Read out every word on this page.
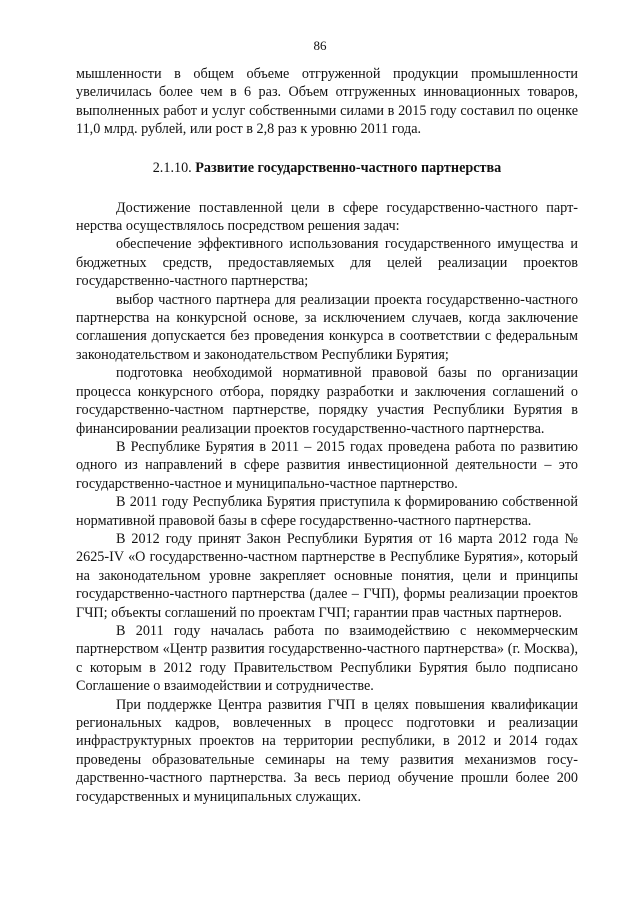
86

мышленности в общем объеме отгруженной продукции промышленности увеличилась более чем в 6 раз. Объем отгруженных инновационных товаров, выполненных работ и услуг собственными силами в 2015 году составил по оценке 11,0 млрд. рублей, или рост в 2,8 раз к уровню 2011 года.

2.1.10. Развитие государственно-частного партнерства

Достижение поставленной цели в сфере государственно-частного партнерства осуществлялось посредством решения задач:

обеспечение эффективного использования государственного имущества и бюджетных средств, предоставляемых для целей реализации проектов государственно-частного партнерства;

выбор частного партнера для реализации проекта государственно-частного партнерства на конкурсной основе, за исключением случаев, когда заключение соглашения допускается без проведения конкурса в соответствии с федеральным законодательством и законодательством Республики Бурятия;

подготовка необходимой нормативной правовой базы по организации процесса конкурсного отбора, порядку разработки и заключения соглашений о государственно-частном партнерстве, порядку участия Республики Бурятия в финансировании реализации проектов государственно-частного партнерства.

В Республике Бурятия в 2011 – 2015 годах проведена работа по развитию одного из направлений в сфере развития инвестиционной деятельности – это государственно-частное и муниципально-частное партнерство.

В 2011 году Республика Бурятия приступила к формированию собственной нормативной правовой базы в сфере государственно-частного партнерства.

В 2012 году принят Закон Республики Бурятия от 16 марта 2012 года № 2625-IV «О государственно-частном партнерстве в Республике Бурятия», который на законодательном уровне закрепляет основные понятия, цели и принципы государственно-частного партнерства (далее – ГЧП), формы реализации проектов ГЧП; объекты соглашений по проектам ГЧП; гарантии прав частных партнеров.

В 2011 году началась работа по взаимодействию с некоммерческим партнерством «Центр развития государственно-частного партнерства» (г. Москва), с которым в 2012 году Правительством Республики Бурятия было подписано Соглашение о взаимодействии и сотрудничестве.

При поддержке Центра развития ГЧП в целях повышения квалификации региональных кадров, вовлеченных в процесс подготовки и реализации инфраструктурных проектов на территории республики, в 2012 и 2014 годах проведены образовательные семинары на тему развития механизмов государственно-частного партнерства. За весь период обучение прошли более 200 государственных и муниципальных служащих.
